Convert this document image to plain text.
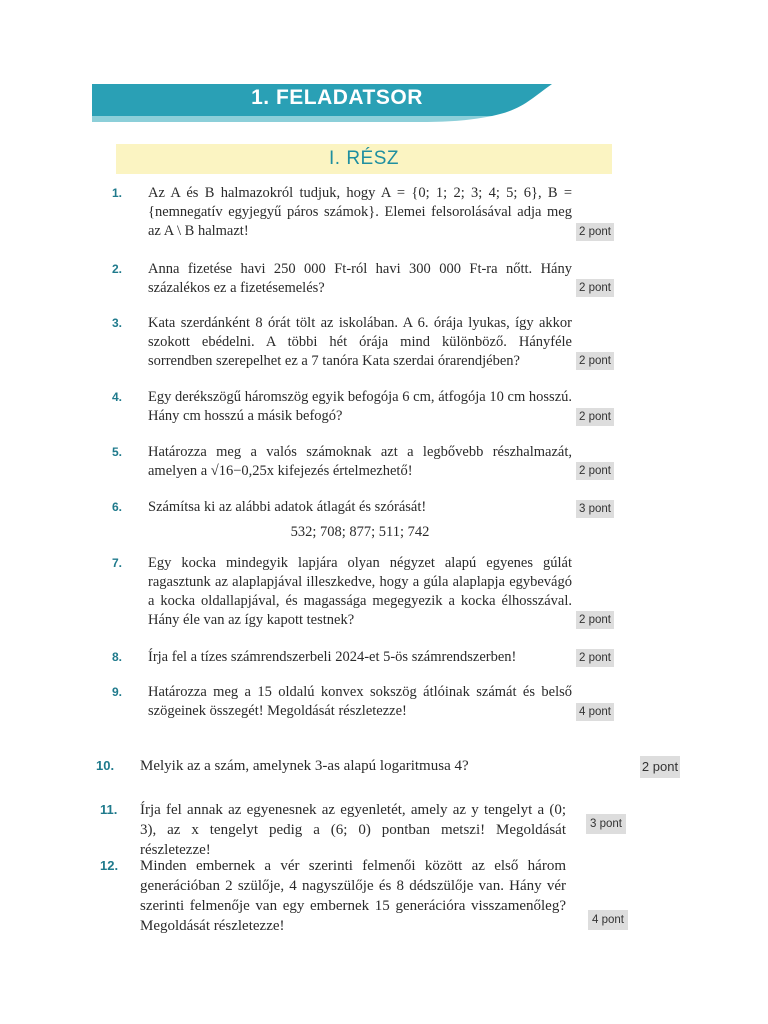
1. FELADATSOR
I. RÉSZ
1. Az A és B halmazokról tudjuk, hogy A = {0; 1; 2; 3; 4; 5; 6}, B = {nemnegatív egyjegyű páros számok}. Elemei felsorolásával adja meg az A \ B halmazt!	2 pont
2. Anna fizetése havi 250 000 Ft-ról havi 300 000 Ft-ra nőtt. Hány százalékos ez a fizetésemelés?	2 pont
3. Kata szerdánként 8 órát tölt az iskolában. A 6. órája lyukas, így akkor szokott ebédelni. A többi hét órája mind különböző. Hányféle sorrendben szerepelhet ez a 7 tanóra Kata szerdai órarendjében?	2 pont
4. Egy derékszögű háromszög egyik befogója 6 cm, átfogója 10 cm hosszú. Hány cm hosszú a másik befogó?	2 pont
5. Határozza meg a valós számoknak azt a legbővebb részhalmazát, amelyen a √16−0,25x kifejezés értelmezhető!	2 pont
6. Számítsa ki az alábbi adatok átlagát és szórását!
532; 708; 877; 511; 742
3 pont
7. Egy kocka mindegyik lapjára olyan négyzet alapú egyenes gúlát ragasztunk az alaplapjával illeszkedve, hogy a gúla alaplapja egybevágó a kocka oldallapjával, és magassága megegyezik a kocka élhosszával. Hány éle van az így kapott testnek?	2 pont
8. Írja fel a tízes számrendszerbeli 2024-et 5-ös számrendszerben!	2 pont
9. Határozza meg a 15 oldalú konvex sokszög átlóinak számát és belső szögeinek összegét! Megoldását részletezze!	4 pont
10. Melyik az a szám, amelynek 3-as alapú logaritmusa 4?	2 pont
11. Írja fel annak az egyenesnek az egyenletét, amely az y tengelyt a (0; 3), az x tengelyt pedig a (6; 0) pontban metszi! Megoldását részletezze!
3 pont
12. Minden embernek a vér szerinti felmenői között az első három generációban 2 szülője, 4 nagyszülője és 8 dédszülője van. Hány vér szerinti felmenője van egy embernek 15 generációra visszamenőleg? Megoldását részletezze!	4 pont
